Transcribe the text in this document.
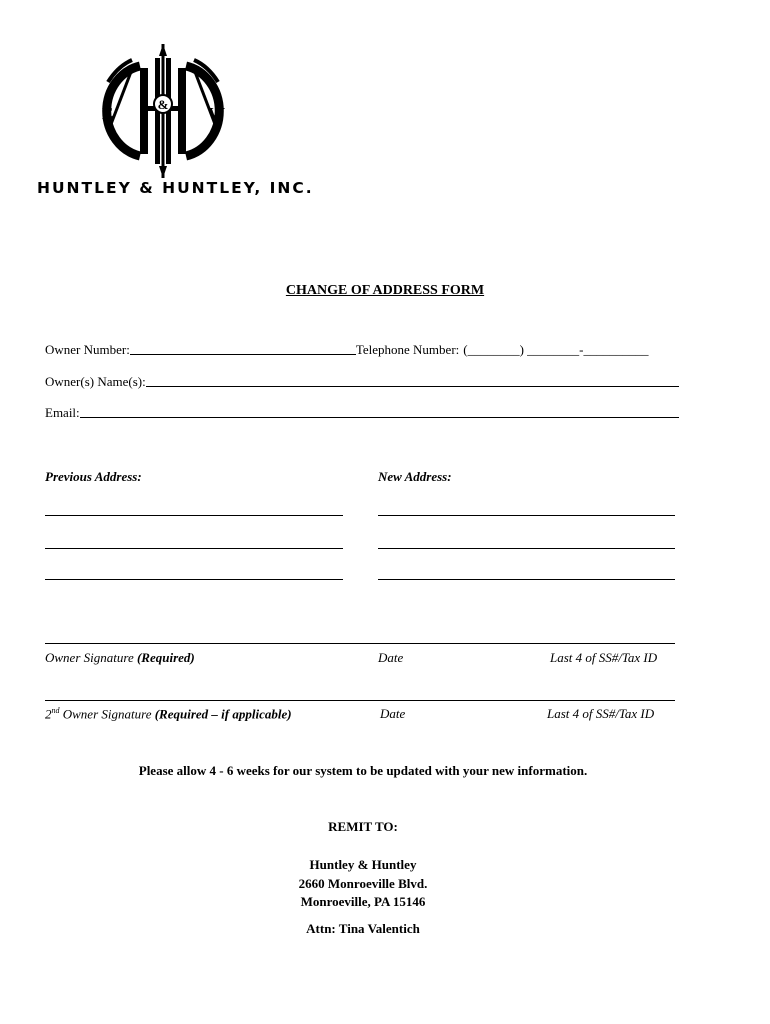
&
E	W
HUNTLEY & HUNTLEY, INC.
CHANGE OF ADDRESS FORM
Owner Number:	Telephone Number: (________) ________-__________
Owner(s) Name(s):
Email:
Previous Address:	New Address:
Owner Signature (Required)	Date	Last 4 of SS#/Tax ID
2nd Owner Signature (Required – if applicable)	Date	Last 4 of SS#/Tax ID
Please allow 4 - 6 weeks for our system to be updated with your new information.
REMIT TO:
Huntley & Huntley
2660 Monroeville Blvd.
Monroeville, PA 15146
Attn: Tina Valentich
